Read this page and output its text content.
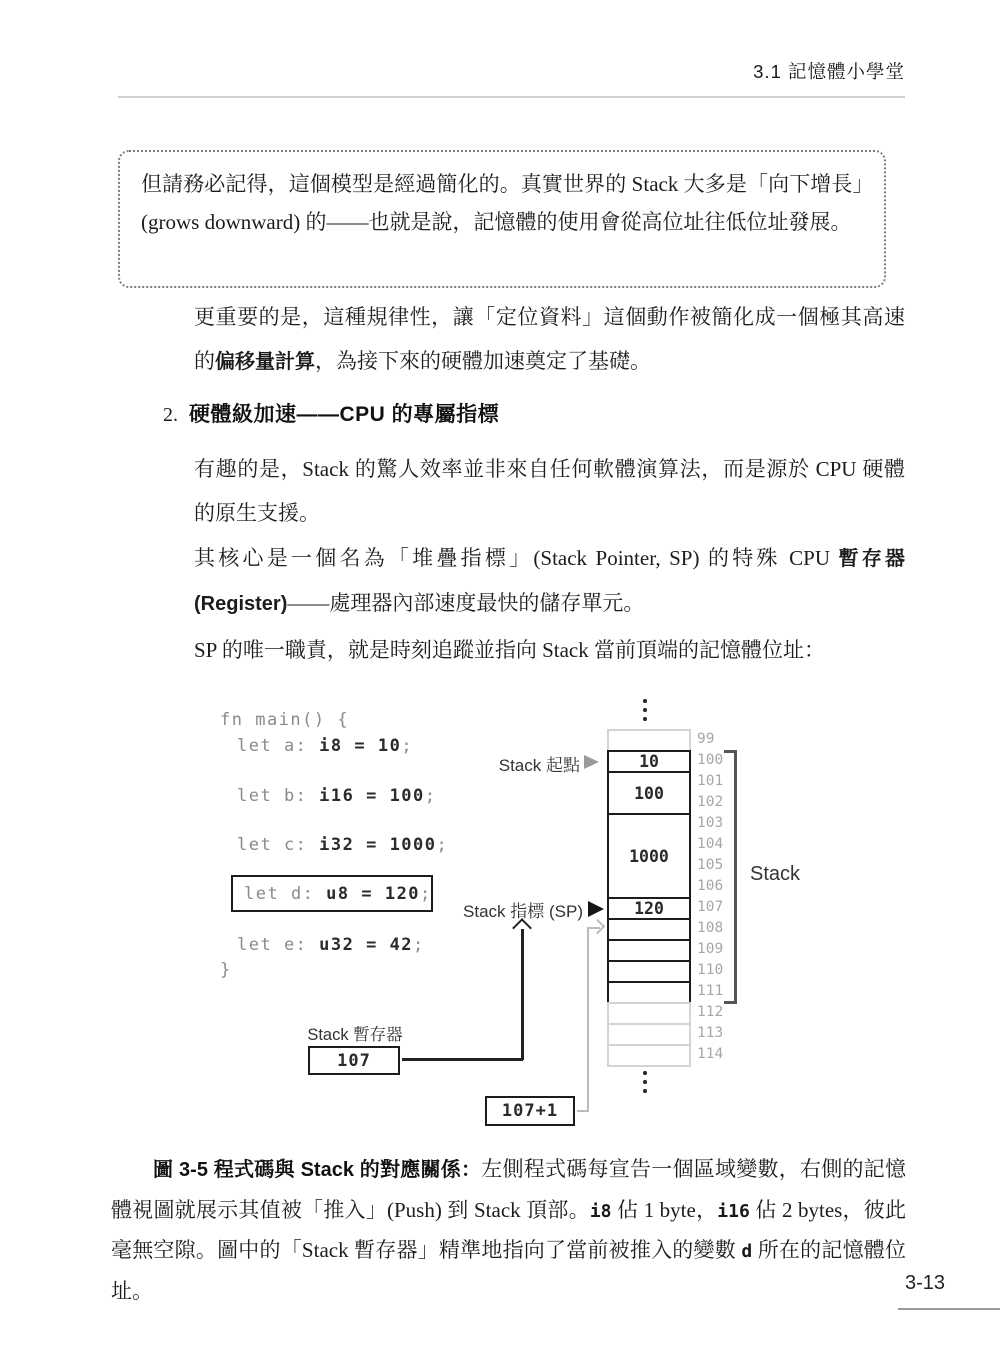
3.1 記憶體小學堂
但請務必記得，這個模型是經過簡化的。真實世界的 Stack 大多是「向下增長」(grows downward) 的——也就是說，記憶體的使用會從高位址往低位址發展。

更重要的是，這種規律性，讓「定位資料」這個動作被簡化成一個極其高速的偏移量計算，為接下來的硬體加速奠定了基礎。

2. 硬體級加速——CPU 的專屬指標

有趣的是，Stack 的驚人效率並非來自任何軟體演算法，而是源於 CPU 硬體的原生支援。

其核心是一個名為「堆疊指標」(Stack Pointer, SP) 的特殊 CPU 暫存器(Register)——處理器內部速度最快的儲存單元。

SP 的唯一職責，就是時刻追蹤並指向 Stack 當前頂端的記憶體位址：

fn main() {
let a: i8 = 10;
let b: i16 = 100;
let c: i32 = 1000;
let d: u8 = 120;
let e: u32 = 42;
}
10
100
1000
120
99
100
101
102
103
104
105
106
107
108
109
110
111
112
113
114
Stack
Stack 起點
Stack 指標 (SP)
Stack 暫存器
107
107+1

圖 3-5 程式碼與 Stack 的對應關係：左側程式碼每宣告一個區域變數，右側的記憶體視圖就展示其值被「推入」(Push) 到 Stack 頂部。i8 佔 1 byte，i16 佔 2 bytes，彼此毫無空隙。圖中的「Stack 暫存器」精準地指向了當前被推入的變數 d 所在的記憶體位址。	3-13
